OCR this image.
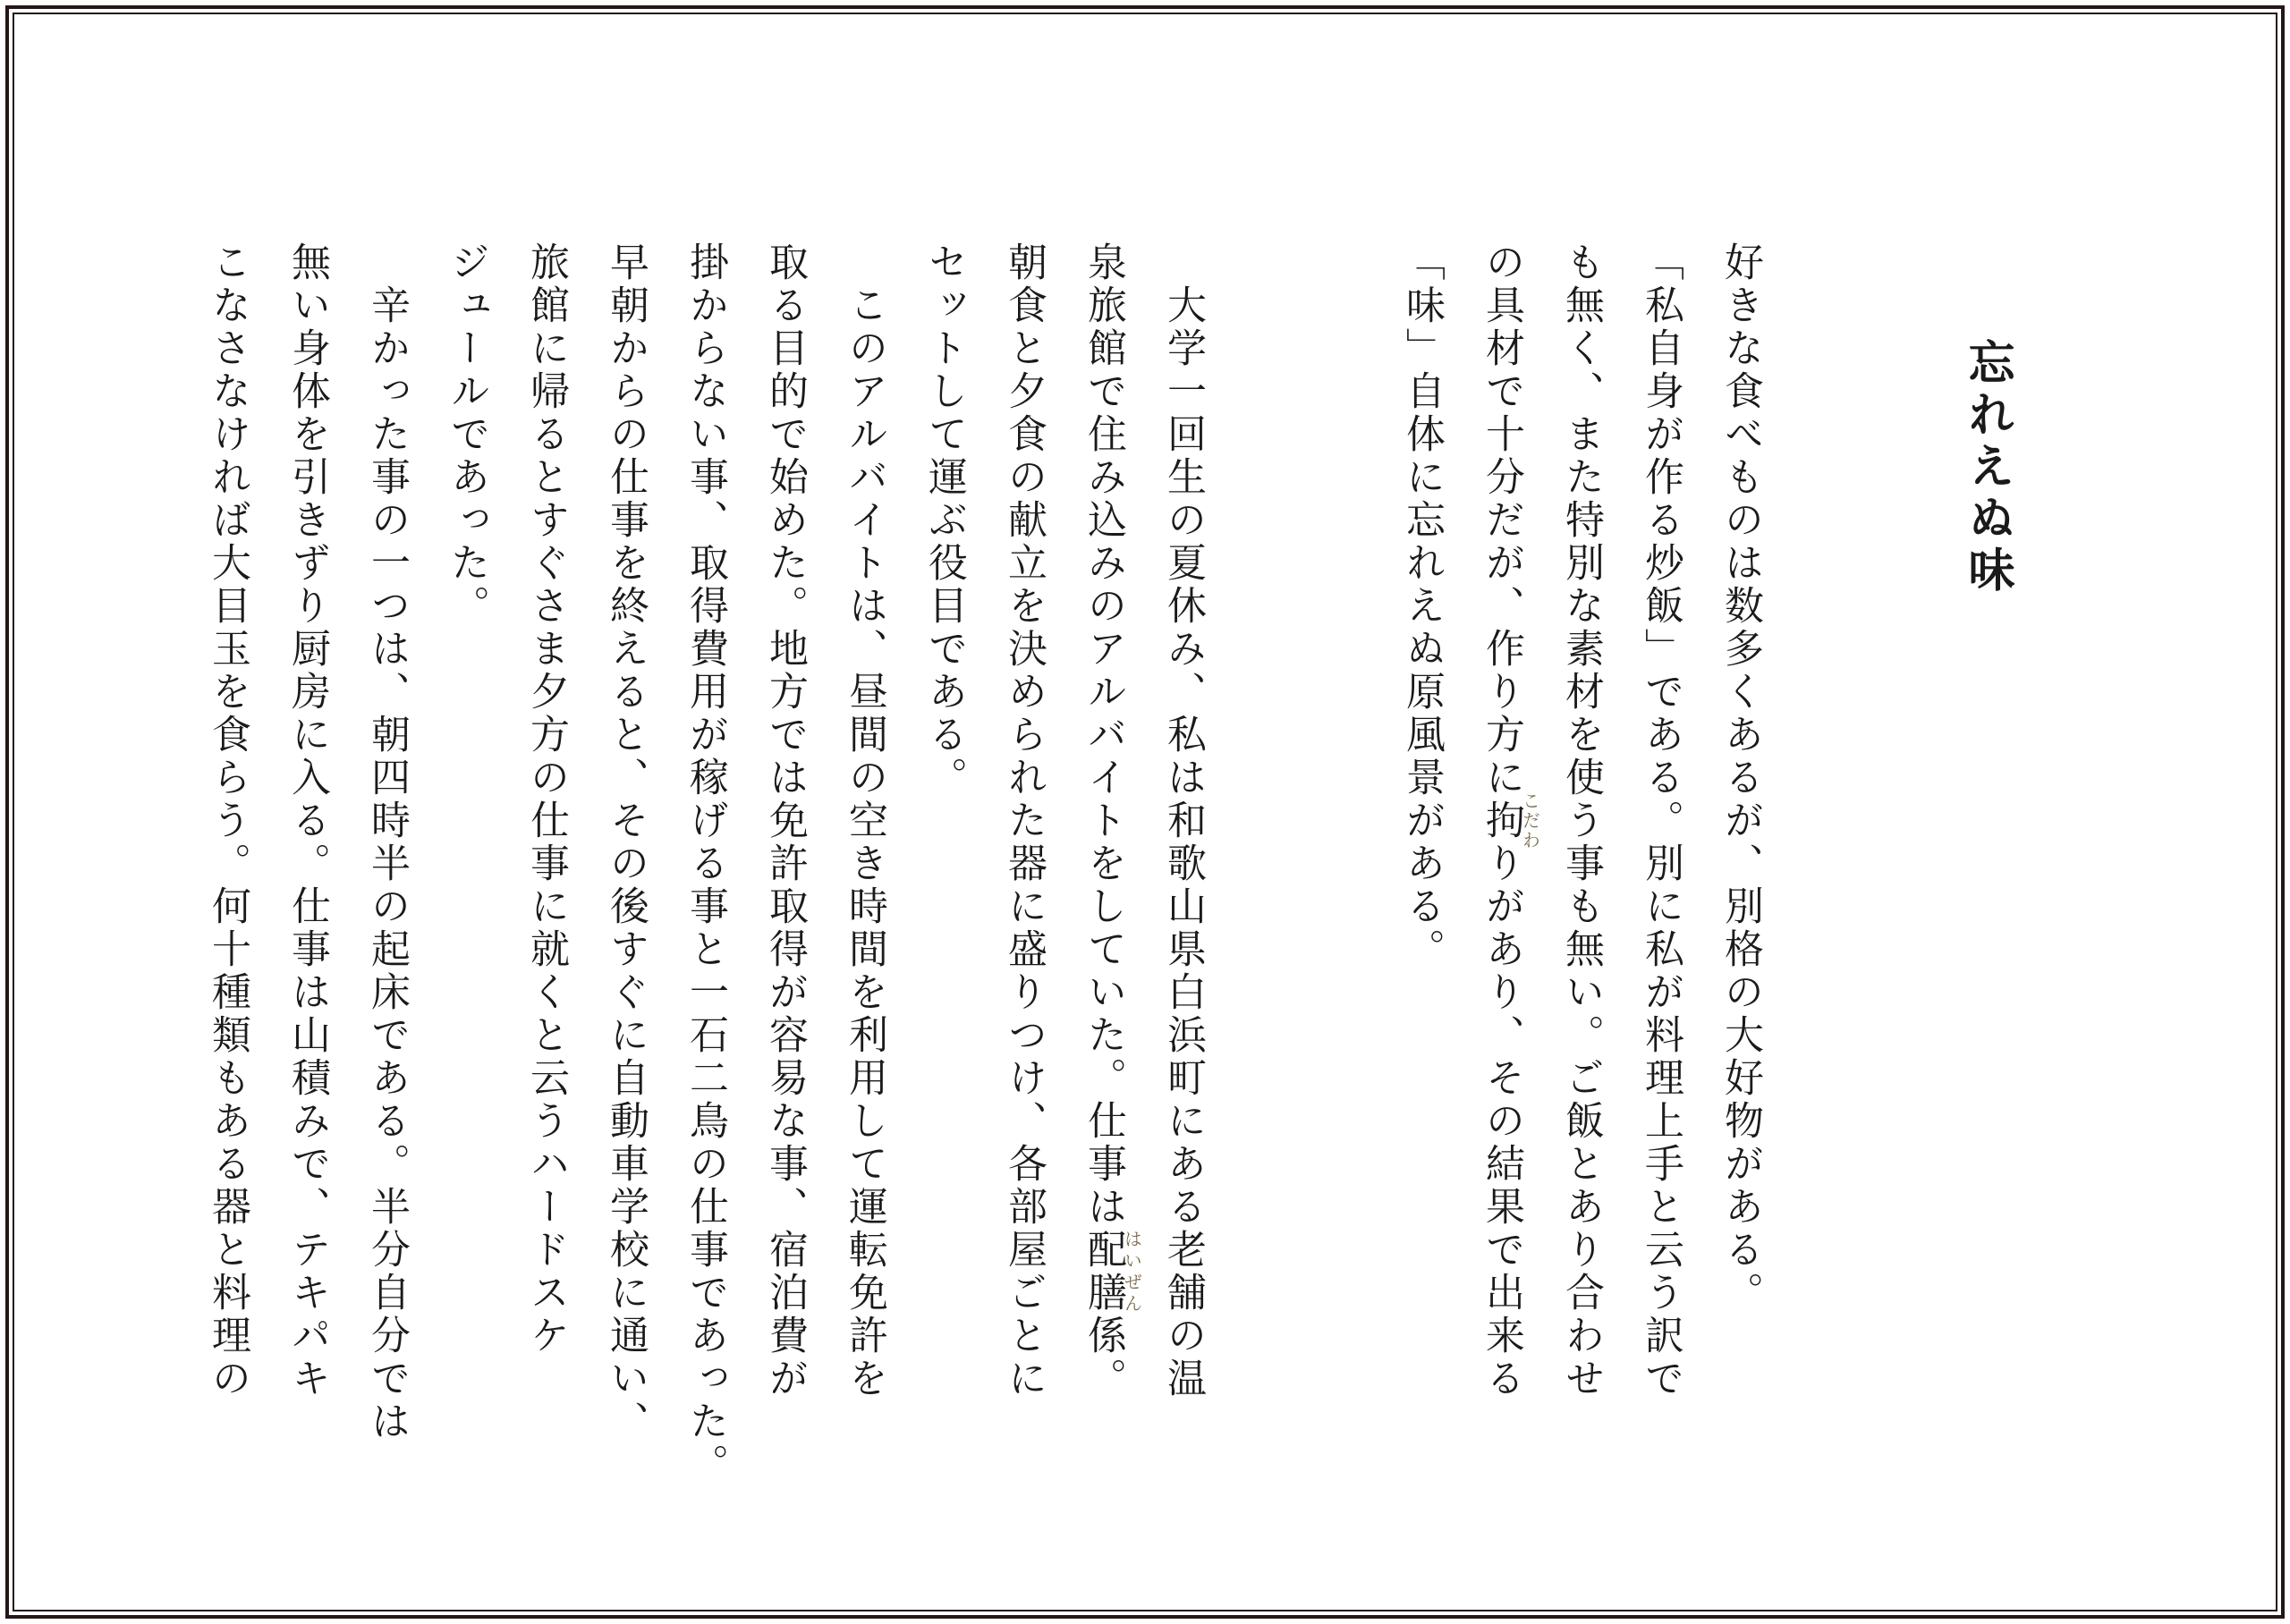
忘れえぬ味

好きな食べものは数多くあるが、別格の大好物がある。

「私自身が作る炒飯」である。別に私が料理上手と云う訳で

も無く、また特別な素材を使う事も無い。ご飯とあり合わせ

の具材で十分だが、作り方に拘こだわりがあり、その結果で出来る

「味」自体に忘れえぬ原風景がある。

　大学一回生の夏休み、私は和歌山県白浜町にある老舗の温

泉旅館で住み込みのアルバイトをしていた。仕事は配膳はいぜん係。

朝食と夕食の献立を決められた器に盛りつけ、各部屋ごとに

セットして運ぶ役目である。

　このアルバイトは、昼間の空き時間を利用して運転免許を

取る目的で始めた。地方では免許取得が容易な事、宿泊費が

掛からない事、取得費用が稼げる事と一石二鳥の仕事であった。

早朝からの仕事を終えると、その後すぐに自動車学校に通い、

旅館に帰るとすぐさま夕方の仕事に就くと云うハードスケ

ジュールであった。

　辛かった事の一つは、朝四時半の起床である。半分自分では

無い身体を引きずり厨房に入る。仕事は山積みで、テキパキ

こなさなければ大目玉を食らう。何十種類もある器と料理の
